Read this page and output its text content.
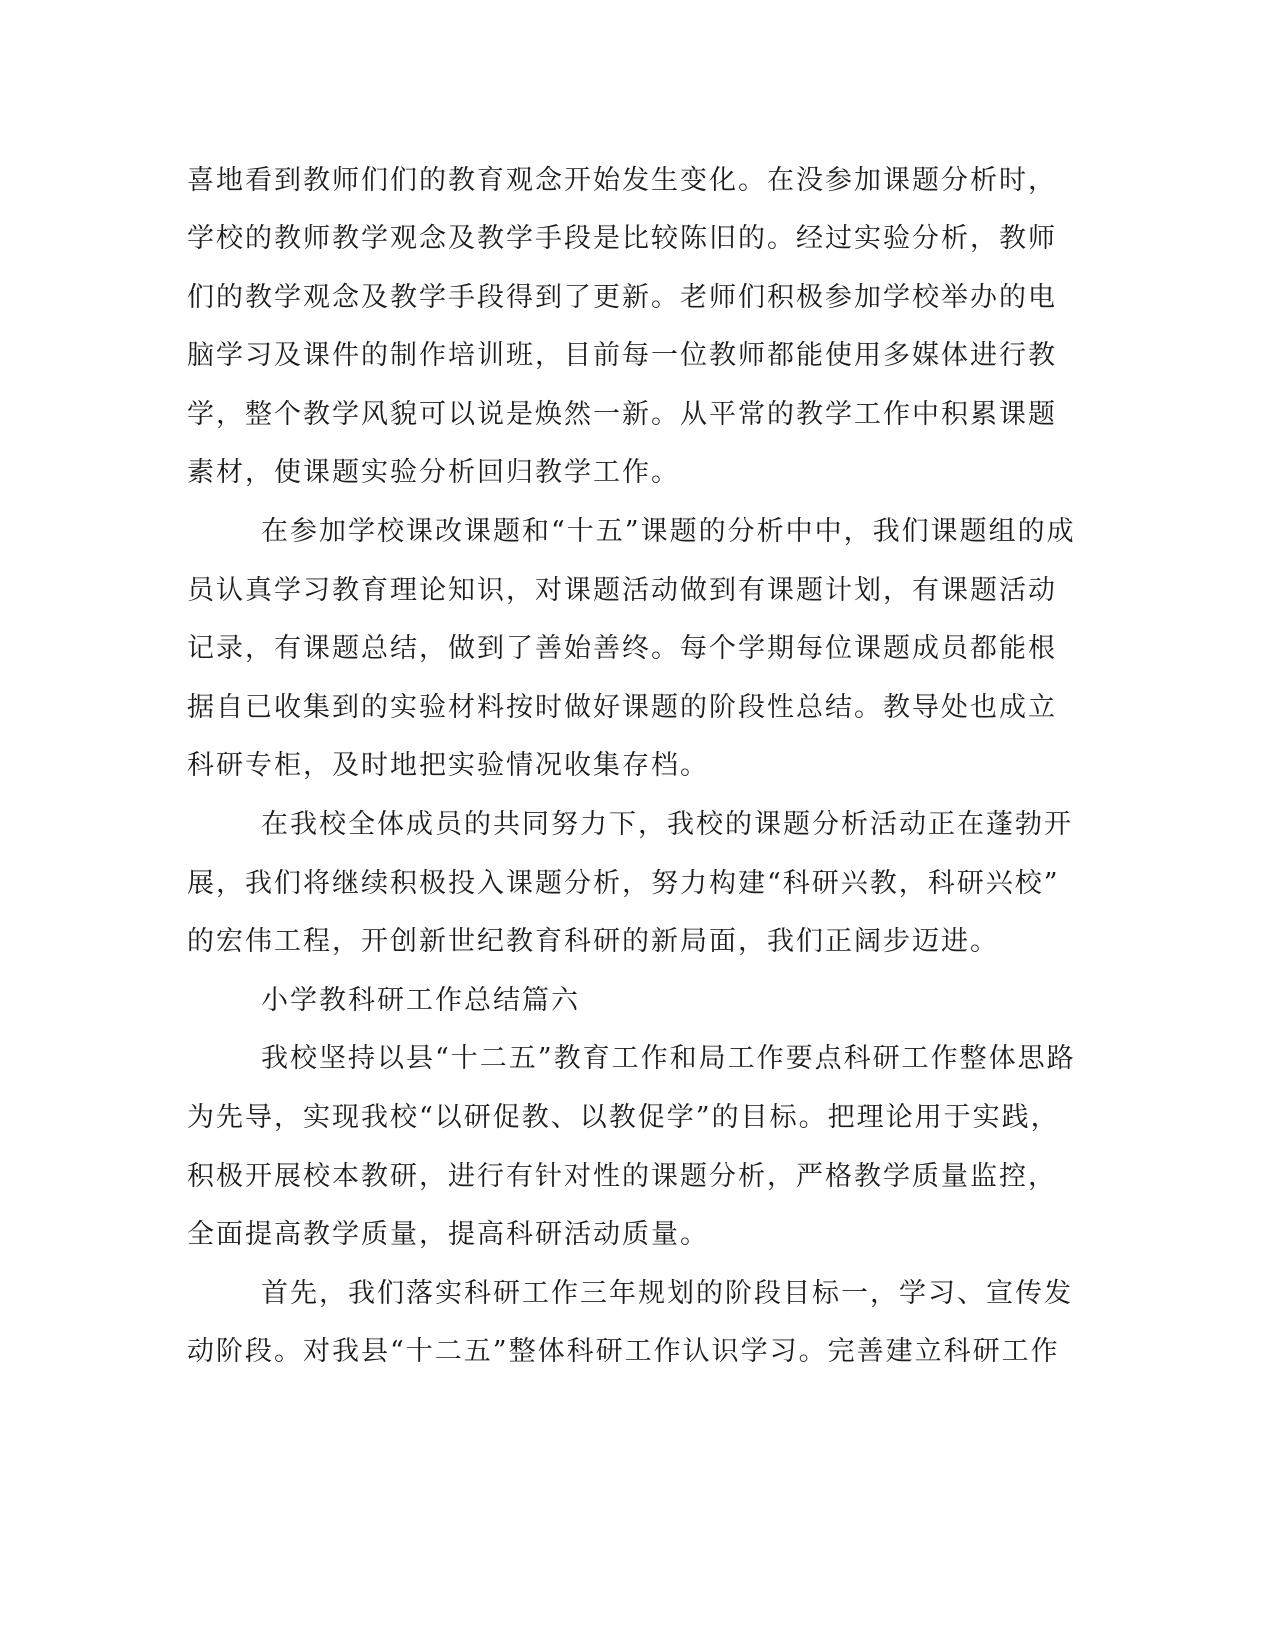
喜地看到教师们们的教育观念开始发生变化。在没参加课题分析时，
学校的教师教学观念及教学手段是比较陈旧的。经过实验分析，教师
们的教学观念及教学手段得到了更新。老师们积极参加学校举办的电
脑学习及课件的制作培训班，目前每一位教师都能使用多媒体进行教
学，整个教学风貌可以说是焕然一新。从平常的教学工作中积累课题
素材，使课题实验分析回归教学工作。
在参加学校课改课题和“十五”课题的分析中中，我们课题组的成
员认真学习教育理论知识，对课题活动做到有课题计划，有课题活动
记录，有课题总结，做到了善始善终。每个学期每位课题成员都能根
据自已收集到的实验材料按时做好课题的阶段性总结。教导处也成立
科研专柜，及时地把实验情况收集存档。
在我校全体成员的共同努力下，我校的课题分析活动正在蓬勃开
展，我们将继续积极投入课题分析，努力构建“科研兴教，科研兴校”
的宏伟工程，开创新世纪教育科研的新局面，我们正阔步迈进。
小学教科研工作总结篇六
我校坚持以县“十二五”教育工作和局工作要点科研工作整体思路
为先导，实现我校“以研促教、以教促学”的目标。把理论用于实践，
积极开展校本教研，进行有针对性的课题分析，严格教学质量监控，
全面提高教学质量，提高科研活动质量。
首先，我们落实科研工作三年规划的阶段目标一，学习、宣传发
动阶段。对我县“十二五”整体科研工作认识学习。完善建立科研工作
